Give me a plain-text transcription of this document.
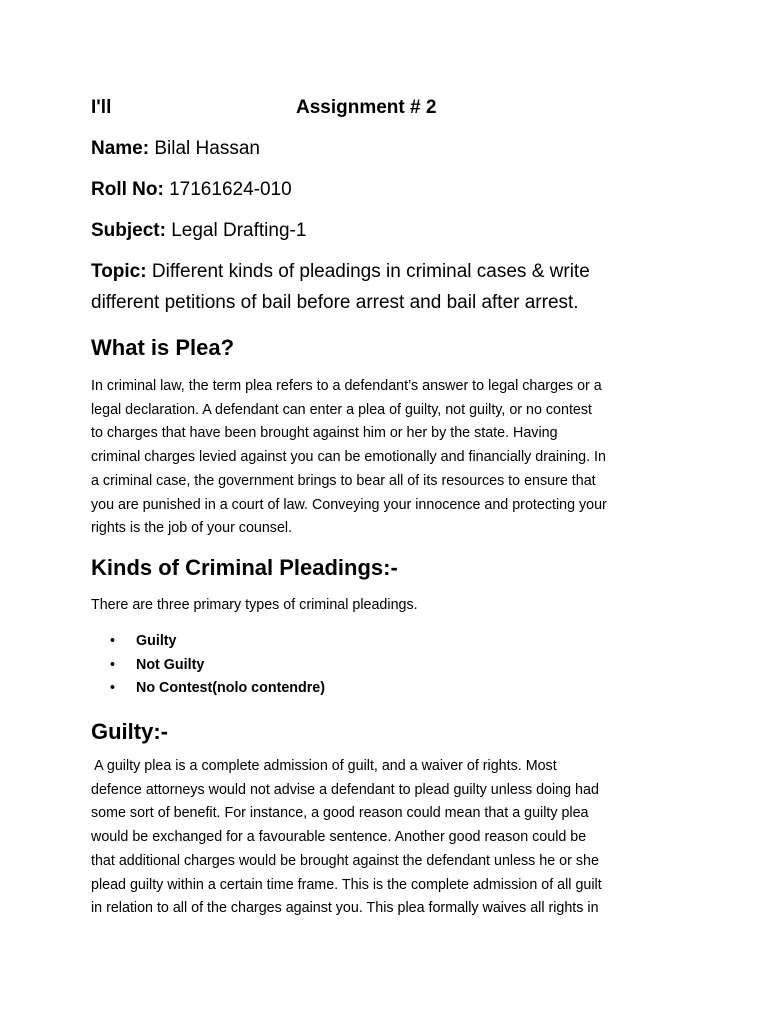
I'll	Assignment # 2
Name: Bilal Hassan
Roll No: 17161624-010
Subject: Legal Drafting-1
Topic: Different kinds of pleadings in criminal cases & write
different petitions of bail before arrest and bail after arrest.
What is Plea?
In criminal law, the term plea refers to a defendant’s answer to legal charges or a
legal declaration. A defendant can enter a plea of guilty, not guilty, or no contest
to charges that have been brought against him or her by the state. Having
criminal charges levied against you can be emotionally and financially draining. In
a criminal case, the government brings to bear all of its resources to ensure that
you are punished in a court of law. Conveying your innocence and protecting your
rights is the job of your counsel.
Kinds of Criminal Pleadings:-
There are three primary types of criminal pleadings.
• Guilty
• Not Guilty
• No Contest(nolo contendre)
Guilty:-
A guilty plea is a complete admission of guilt, and a waiver of rights. Most
defence attorneys would not advise a defendant to plead guilty unless doing had
some sort of benefit. For instance, a good reason could mean that a guilty plea
would be exchanged for a favourable sentence. Another good reason could be
that additional charges would be brought against the defendant unless he or she
plead guilty within a certain time frame. This is the complete admission of all guilt
in relation to all of the charges against you. This plea formally waives all rights in
